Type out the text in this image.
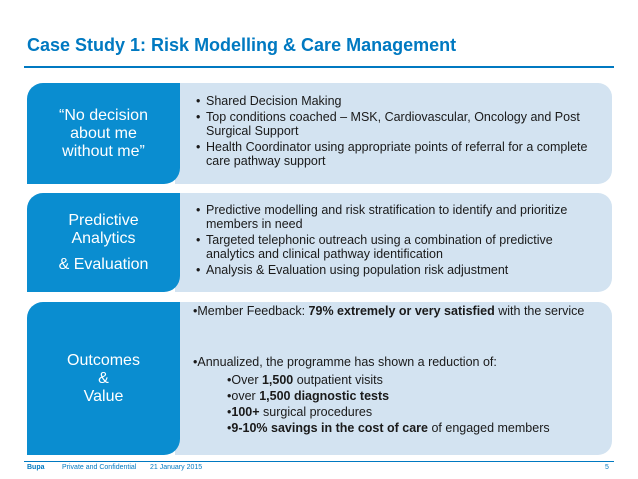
Case Study 1: Risk Modelling & Care Management
“No decision
about me
without me”
• Shared Decision Making
• Top conditions coached – MSK, Cardiovascular, Oncology and Post Surgical Support
• Health Coordinator using appropriate points of referral for a complete care pathway support
Predictive
Analytics
& Evaluation
• Predictive modelling and risk stratification to identify and prioritize members in need
• Targeted telephonic outreach using a combination of predictive analytics and clinical pathway identification
• Analysis & Evaluation using population risk adjustment
Outcomes
&
Value
•Member Feedback: 79% extremely or very satisfied with the service
•Annualized, the programme has shown a reduction of:
•Over 1,500 outpatient visits
•over 1,500 diagnostic tests
•100+ surgical procedures
•9-10% savings in the cost of care of engaged members
Bupa	Private and Confidential 21 January 2015	5
